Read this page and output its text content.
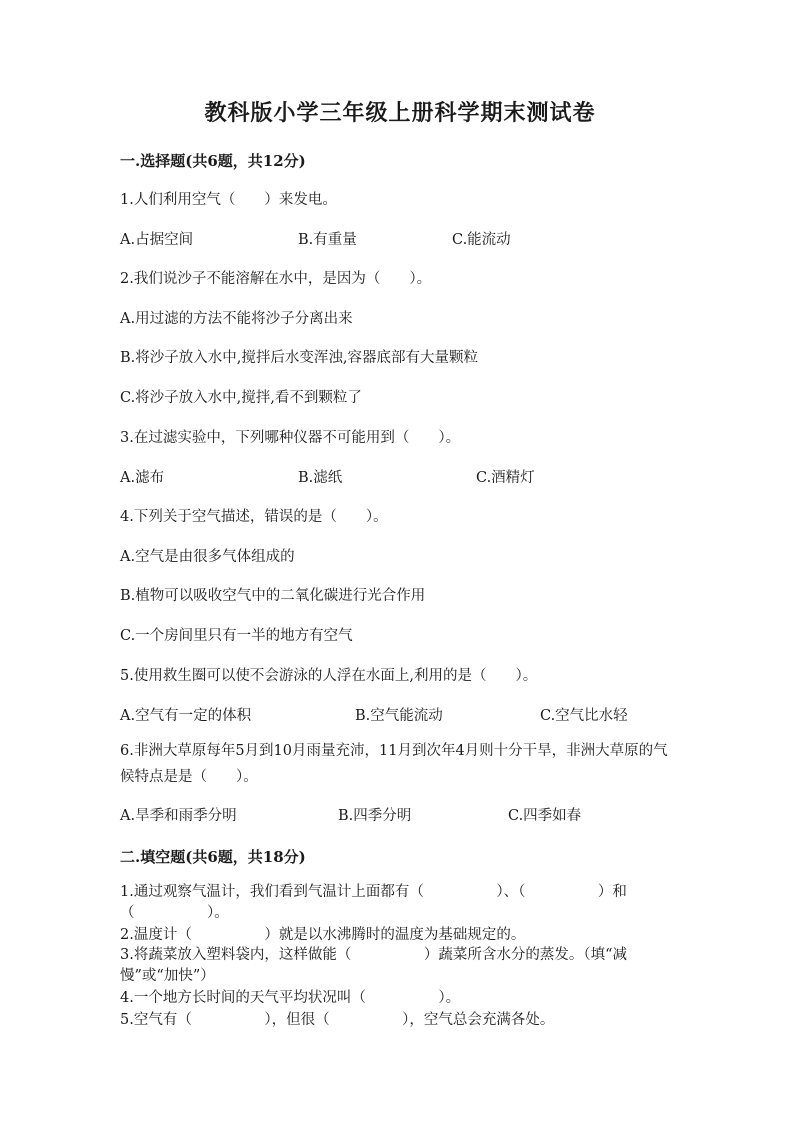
教科版小学三年级上册科学期末测试卷
一.选择题(共6题，共12分)
1.人们利用空气（　　）来发电。
A.占据空间	B.有重量	C.能流动
2.我们说沙子不能溶解在水中，是因为（　　）。
A.用过滤的方法不能将沙子分离出来
B.将沙子放入水中,搅拌后水变浑浊,容器底部有大量颗粒
C.将沙子放入水中,搅拌,看不到颗粒了
3.在过滤实验中，下列哪种仪器不可能用到（　　）。
A.滤布	B.滤纸	C.酒精灯
4.下列关于空气描述，错误的是（　　）。
A.空气是由很多气体组成的
B.植物可以吸收空气中的二氧化碳进行光合作用
C.一个房间里只有一半的地方有空气
5.使用救生圈可以使不会游泳的人浮在水面上,利用的是（　　）。
A.空气有一定的体积	B.空气能流动	C.空气比水轻
6.非洲大草原每年5月到10月雨量充沛，11月到次年4月则十分干旱，非洲大草原的气候特点是是（　　）。
A.旱季和雨季分明	B.四季分明	C.四季如春
二.填空题(共6题，共18分)
1.通过观察气温计，我们看到气温计上面都有（　　　　　）、（　　　　　）和（　　　　　）。
2.温度计（　　　　　）就是以水沸腾时的温度为基础规定的。
3.将蔬菜放入塑料袋内，这样做能（　　　　　）蔬菜所含水分的蒸发。（填“减慢”或“加快”）
4.一个地方长时间的天气平均状况叫（　　　　　）。
5.空气有（　　　　　），但很（　　　　　），空气总会充满各处。
